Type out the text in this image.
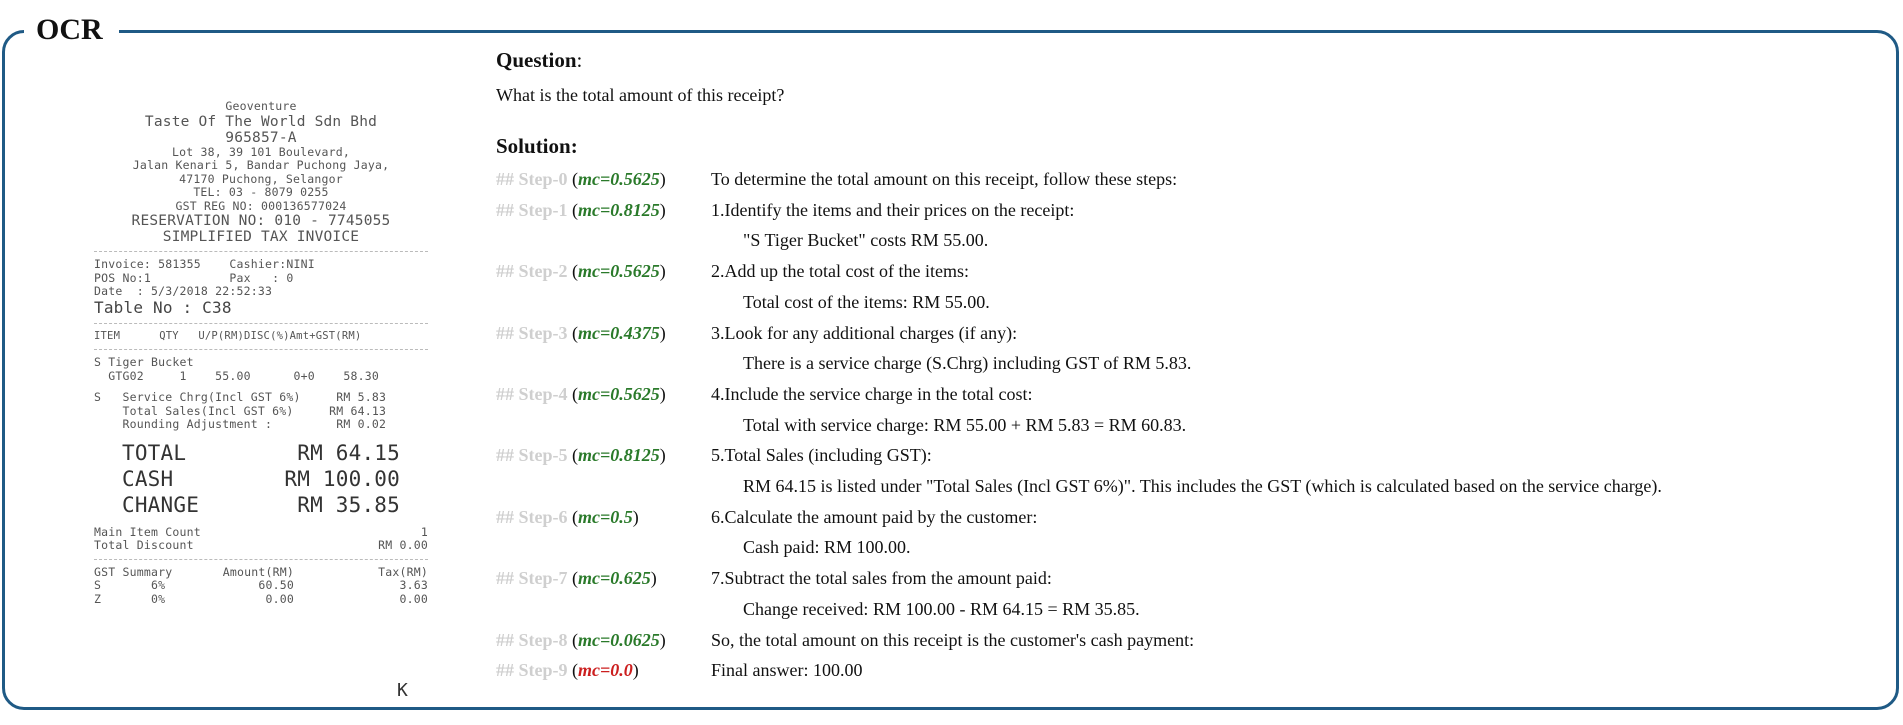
OCR
Geoventure
Taste Of The World Sdn Bhd
965857-A
Lot 38, 39 101 Boulevard,
Jalan Kenari 5, Bandar Puchong Jaya,
47170 Puchong, Selangor
TEL: 03 - 8079 0255
GST REG NO: 000136577024
RESERVATION NO: 010 - 7745055
SIMPLIFIED TAX INVOICE
Invoice: 581355    Cashier:NINI
POS No:1           Pax   : 0
Date  : 5/3/2018 22:52:33
Table No : C38
ITEM      QTY   U/P(RM)DISC(%)Amt+GST(RM)
S Tiger Bucket
GTG02     1    55.00      0+0    58.30
S   Service Chrg(Incl GST 6%)     RM 5.83
Total Sales(Incl GST 6%)     RM 64.13
Rounding Adjustment :         RM 0.02
TOTAL	RM 64.15
CASH	RM 100.00
CHANGE	RM 35.85
Main Item Count	1
Total Discount	RM 0.00
GST Summary	Amount(RM)	Tax(RM)
S       6%	60.50	3.63
Z       0%	0.00	0.00
K
Question:
What is the total amount of this receipt?
Solution:
## Step-0 (mc=0.5625)	To determine the total amount on this receipt, follow these steps:
## Step-1 (mc=0.8125)	1.Identify the items and their prices on the receipt:
"S Tiger Bucket" costs RM 55.00.
## Step-2 (mc=0.5625)	2.Add up the total cost of the items:
Total cost of the items: RM 55.00.
## Step-3 (mc=0.4375)	3.Look for any additional charges (if any):
There is a service charge (S.Chrg) including GST of RM 5.83.
## Step-4 (mc=0.5625)	4.Include the service charge in the total cost:
Total with service charge: RM 55.00 + RM 5.83 = RM 60.83.
## Step-5 (mc=0.8125)	5.Total Sales (including GST):
RM 64.15 is listed under "Total Sales (Incl GST 6%)". This includes the GST (which is calculated based on the service charge).
## Step-6 (mc=0.5)	6.Calculate the amount paid by the customer:
Cash paid: RM 100.00.
## Step-7 (mc=0.625)	7.Subtract the total sales from the amount paid:
Change received: RM 100.00 - RM 64.15 = RM 35.85.
## Step-8 (mc=0.0625)	So, the total amount on this receipt is the customer's cash payment:
## Step-9 (mc=0.0)	Final answer: 100.00
